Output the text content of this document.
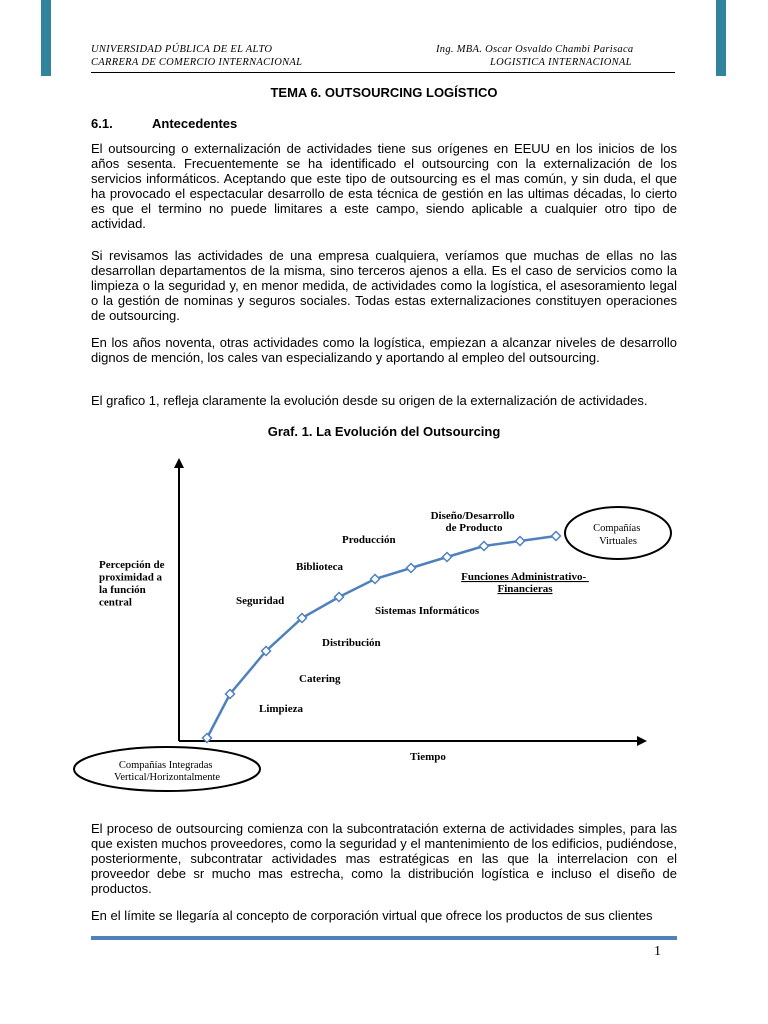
UNIVERSIDAD PÚBLICA DE EL ALTO
CARRERA DE COMERCIO INTERNACIONAL
Ing. MBA. Oscar Osvaldo Chambi Parisaca
LOGISTICA INTERNACIONAL
TEMA 6. OUTSOURCING LOGÍSTICO
6.1.	Antecedentes

El outsourcing o externalización de actividades tiene sus orígenes en EEUU en los inicios de los años sesenta. Frecuentemente se ha identificado el outsourcing con la externalización de los servicios informáticos. Aceptando que este tipo de outsourcing es el mas común, y sin duda, el que ha provocado el espectacular desarrollo de esta técnica de gestión en las ultimas décadas, lo cierto es que el termino no puede limitares a este campo, siendo aplicable a cualquier otro tipo de actividad.

Si revisamos las actividades de una empresa cualquiera, veríamos que muchas de ellas no las desarrollan departamentos de la misma, sino terceros ajenos a ella. Es el caso de servicios como la limpieza o la seguridad y, en menor medida, de actividades como la logística, el asesoramiento legal o la gestión de nominas y seguros sociales. Todas estas externalizaciones constituyen operaciones de outsourcing.

En los años noventa, otras actividades como la logística, empiezan a alcanzar niveles de desarrollo dignos de mención, los cales van especializando y aportando al empleo del outsourcing.

El grafico 1, refleja claramente la evolución desde su origen de la externalización de actividades.

Graf. 1. La Evolución del Outsourcing
Percepción de proximidad a la función central
Tiempo
Compañías Integradas Vertical/Horizontalmente
Compañías Virtuales
Limpieza
Catering
Distribución
Seguridad
Sistemas Informáticos
Biblioteca
Producción
Funciones Administrativo- Financieras
Diseño/Desarrollo de Producto

El proceso de outsourcing comienza con la subcontratación externa de actividades simples, para las que existen muchos proveedores, como la seguridad y el mantenimiento de los edificios, pudiéndose, posteriormente, subcontratar actividades mas estratégicas en las que la interrelacion con el proveedor debe sr mucho mas estrecha, como la distribución logística e incluso el diseño de productos.

En el límite se llegaría al concepto de corporación virtual que ofrece los productos de sus clientes

1
